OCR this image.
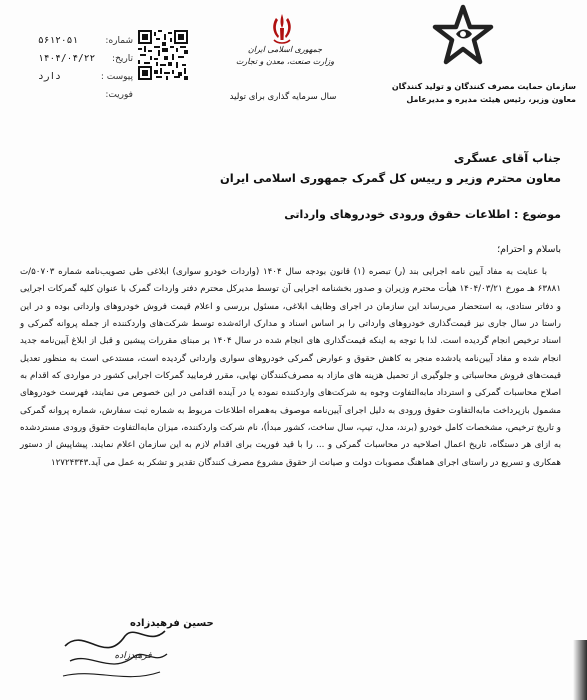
شماره:
۵۶۱۲۰۵۱
تاریخ:
۱۴۰۴/۰۴/۲۲
پیوست :
دارد
فوریت:
جمهوری اسلامی ایران
وزارت صنعت، معدن و تجارت
سال سرمایه گذاری برای تولید
سازمان حمایت مصرف کنندگان و تولید کنندگان
معاون وزیر، رئیس هیئت مدیره و مدیرعامل
جناب آقای عسگری
معاون محترم وزیر و رییس کل گمرک جمهوری اسلامی ایران
موضوع : اطلاعات حقوق ورودی خودروهای وارداتی
باسلام و احترام؛

با عنایت به مفاد آیین نامه اجرایی بند (ر) تبصره (۱) قانون بودجه سال ۱۴۰۴ (واردات خودرو سواری) ابلاغی طی تصویب‌نامه شماره ۵۰۷۰۳/ت ۶۳۸۸۱ هـ مورخ ۱۴۰۴/۰۳/۲۱ هیأت محترم وزیران و صدور بخشنامه اجرایی آن توسط مدیرکل محترم دفتر واردات گمرک با عنوان کلیه گمرکات اجرایی و دفاتر ستادی، به استحضار می‌رساند این سازمان در اجرای وظایف ابلاغی، مسئول بررسی و اعلام قیمت فروش خودروهای وارداتی بوده و در این راستا در سال جاری نیز قیمت‌گذاری خودروهای وارداتی را بر اساس اسناد و مدارک ارائه‌شده توسط شرکت‌های واردکننده از جمله پروانه گمرکی و اسناد ترخیص انجام گردیده است. لذا با توجه به اینکه قیمت‌گذاری های انجام شده در سال ۱۴۰۴ بر مبنای مقررات پیشین و قبل از ابلاغ آیین‌نامه جدید انجام شده و مفاد آیین‌نامه یادشده منجر به کاهش حقوق و عوارض گمرکی خودروهای سواری وارداتی گردیده است، مستدعی است به منظور تعدیل قیمت‌های فروش محاسباتی و جلوگیری از تحمیل هزینه های مازاد به مصرف‌کنندگان نهایی، مقرر فرمایید گمرکات اجرایی کشور در مواردی که اقدام به اصلاح محاسبات گمرکی و استرداد مابه‌التفاوت وجوه به شرکت‌های واردکننده نموده یا در آینده اقدامی در این خصوص می نمایند، فهرست خودروهای مشمول بازپرداخت مابه‌التفاوت حقوق ورودی به دلیل اجرای آیین‌نامه موصوف به‌همراه اطلاعات مربوط به شماره ثبت سفارش، شماره پروانه گمرکی و تاریخ ترخیص، مشخصات کامل خودرو (برند، مدل، تیپ، سال ساخت، کشور مبدأ)، نام شرکت واردکننده، میزان مابه‌التفاوت حقوق ورودی مستردشده به ازای هر دستگاه، تاریخ اعمال اصلاحیه در محاسبات گمرکی و ... را با قید فوریت برای اقدام لازم به این سازمان اعلام نمایند. پیشاپیش از دستور همکاری و تسریع در راستای اجرای هماهنگ مصوبات دولت و صیانت از حقوق مشروع مصرف کنندگان تقدیر و تشکر به عمل می آید.۱۲۷۲۴۳۴۳

فرهیدزاده
حسین فرهیدزاده
